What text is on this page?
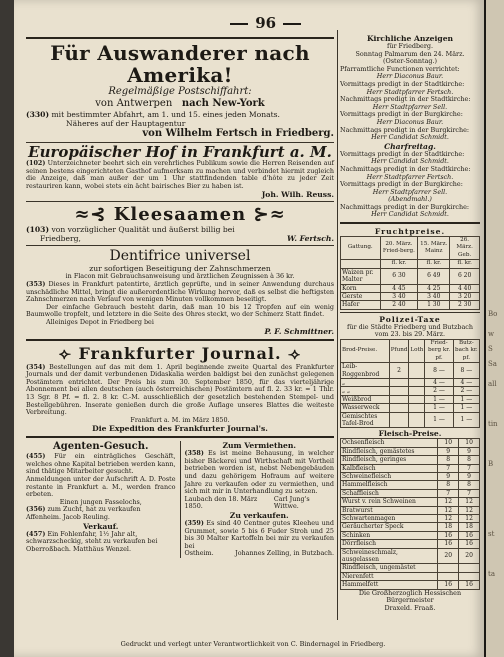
Bo
w
S
Sa
all
tin
B
st
ta
96
Für Auswanderer nach Amerika!
Regelmäßige Postschiffahrt:
von Antwerpen nach New-York
(330) mit bestimmter Abfahrt, am 1. und 15. eines jeden Monats.
Näheres auf der Hauptagentur
von Wilhelm Fertsch in Friedberg.
Europäischer Hof in Frankfurt a. M.
(102) Unterzeichneter beehrt sich ein verehrliches Publikum sowie die Herren Reisenden auf seinen bestens eingerichteten Gasthof aufmerksam zu machen und verbindet hiermit zugleich die Anzeige, daß man außer der um 1 Uhr stattfindenden table d'hôte zu jeder Zeit restauriren kann, wobei stets ein ächt bairisches Bier zu haben ist.
Joh. Wilh. Reuss.
≈⊰ Kleesaamen ⊱≈
(103) von vorzüglicher Qualität und äußerst billig bei
Friedberg,	W. Fertsch.
Dentifrice universel
zur sofortigen Beseitigung der Zahnschmerzen
in Flacon mit Gebrauchsanweisung und ärztlichen Zeugnissen à 36 kr.
(353) Dieses in Frankfurt patentirte, ärztlich geprüfte, und in seiner Anwendung durchaus unschädliche Mittel, bringt die außerordentliche Wirkung hervor, daß es selbst die heftigsten Zahnschmerzen nach Verlauf von wenigen Minuten vollkommen beseitigt.
Der einfache Gebrauch besteht darin, daß man 10 bis 12 Tropfen auf ein wenig Baumwolle tropfelt, und letztere in die Seite des Ohres steckt, wo der Schmerz Statt findet.
Alleiniges Depot in Friedberg bei
P. F. Schmittner.
⟣ Frankfurter Journal. ⟢
(354) Bestellungen auf das mit dem 1. April beginnende zweite Quartal des Frankfurter Journals und der damit verbundenen Didaskalia werden baldigst bei den zunächst gelegenen Postämtern entrichtet. Der Preis bis zum 30. September 1850, für das vierteljährige Abonnement bei allen deutschen (auch österreichischen) Postämtern auf fl. 2. 33 kr. = 1 Thlr. 13 Sgr. 8 Pf. = fl. 2. 8 kr. C.-M. ausschließlich der gesetzlich bestehenden Stempel- und Bestellgebühren. Inserate genießen durch die große Auflage unseres Blattes die weiteste Verbreitung.
Frankfurt a. M. im März 1850.
Die Expedition des Frankfurter Journal's.
Agenten-Gesuch.
(455) Für ein einträgliches Geschäft, welches ohne Kapital betrieben werden kann, sind thätige Mitarbeiter gesucht.
Anmeldungen unter der Aufschrift A. D. Poste restante in Frankfurt a. M., werden franco erbeten.
Einen jungen Fasselochs,
(356) zum Zucht, hat zu verkaufen
Affenheim. Jacob Reuling.
Verkauf.
(457) Ein Fohlenfahr, 1½ Jahr alt, schwarzscheckig, steht zu verkaufen bei
Oberroßbach. Matthäus Wenzel.
Zum Vermiethen.
(358) Es ist meine Behausung, in welcher bisher Bäckerei und Wirthschaft mit Vortheil betrieben worden ist, nebst Nebengebäuden und dazu gehörigem Hofraum auf weitere Jahre zu verkaufen oder zu vermiethen, und sich mit mir in Unterhandlung zu setzen.
Laubach den 18. März 1850.
Carl Jung's Wittwe.
Zu verkaufen.
(359) Es sind 40 Centner gutes Kleeheu und Grummet, sowie 5 bis 6 Fuder Stroh und 25 bis 30 Malter Kartoffeln bei mir zu verkaufen bei
Ostheim.	Johannes Zelling, in Butzbach.
Kirchliche Anzeigen
für Friedberg.
Sonntag Palmarum den 24. März.
(Oster-Sonntag.)
Pfarramtliche Functionen verrichtet:
Herr Diaconus Baur.
Vormittags predigt in der Stadtkirche:
Herr Stadtpfarrer Fertsch.
Nachmittags predigt in der Stadtkirche:
Herr Stadtpfarrer Sell.
Vormittags predigt in der Burgkirche:
Herr Diaconus Baur.
Nachmittags predigt in der Burgkirche:
Herr Candidat Schmidt.
Charfreitag.
Vormittags predigt in der Stadtkirche:
Herr Candidat Schmidt.
Nachmittags predigt in der Stadtkirche:
Herr Stadtpfarrer Fertsch.
Vormittags predigt in der Burgkirche:
Herr Stadtpfarrer Sell.
(Abendmahl.)
Nachmittags predigt in der Burgkirche:
Herr Candidat Schmidt.
Fruchtpreise.
Gattung.	20. März. Fried-berg.	15. März. Mainz	26. März. Geb.
	fl. kr.	fl. kr.	fl. kr.
Waizen pr. Malter	6 30	6 49	6 20
Korn	4 45	4 25	4 40
Gerste	3 40	3 40	3 20
Hafer	2 40	1 30	2 30
Polizei-Taxe
für die Städte Friedberg und Butzbach
vom 23. bis 29. März.
Brod-Preise.	Pfund	Loth	Fried-berg kr. pf.	Butz-bach kr. pf.
Leib-Roggenbrod	2		8 —	8 —
„			4 —	4 —
„ „			2 —	2 —
Weißbrod			1 —	1 —
Wasserweck			1 —	1 —
Gemischtes Tafel-Brod			1 —	1 —
Fleisch-Preise.
Ochsenfleisch	10	10
Rindfleisch, gemästetes	9	9
Rindfleisch, geringes	8	8
Kalbfleisch	7	7
Schweinefleisch	9	9
Hammelfleisch	8	8
Schaffleisch	7	7
Wurst v. rein Schweinen	12	12
Bratwurst	12	12
Schwartenmagen	12	12
Geräucherter Speck	18	18
Schinken	16	16
Dörrfleisch	16	16
Schweineschmalz, ausgelassen	20	20
Rindfleisch, ungemästet		
Nierenfett		
Hammelfett	16	16
Die Großherzoglich Hessischen Bürgermeister
Draxeld. Fraaß.
Gedruckt und verlegt unter Verantwortlichkeit von C. Bindernagel in Friedberg.
